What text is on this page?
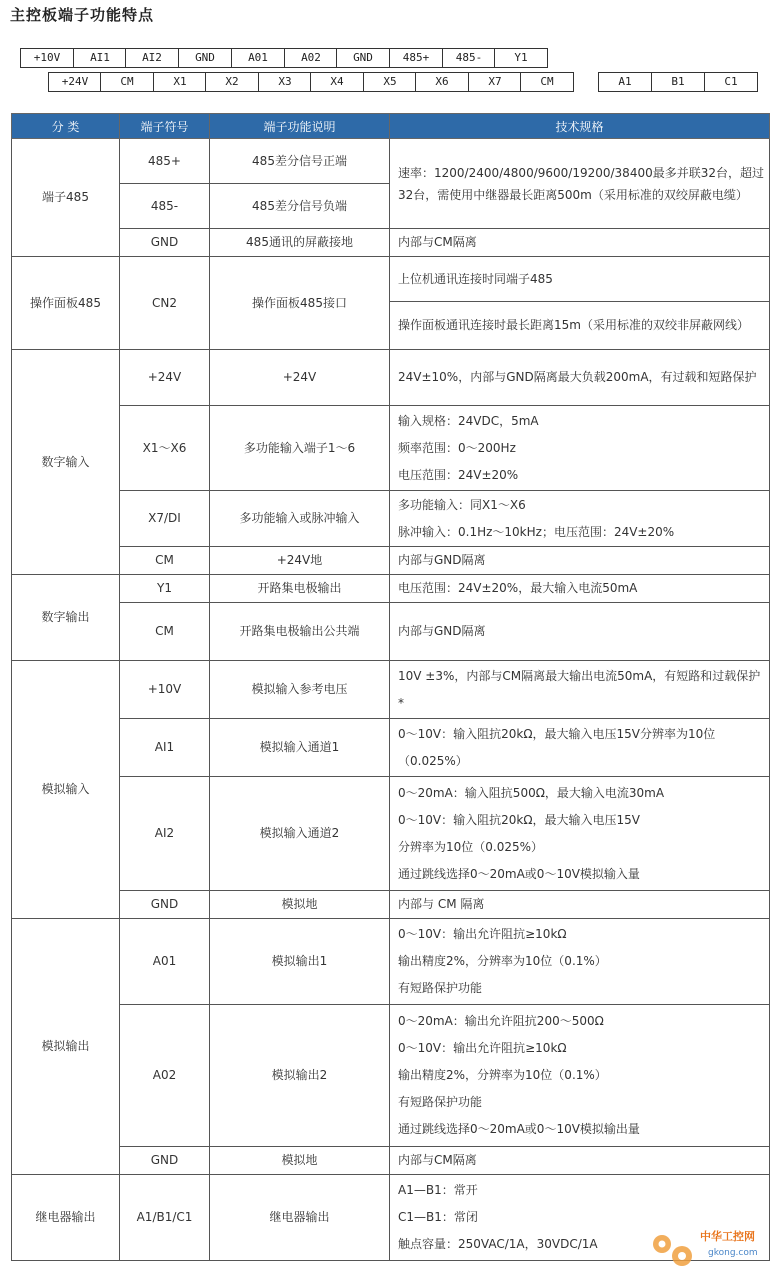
主控板端子功能特点
+10V	AI1	AI2	GND	A01	A02	GND	485+	485-	Y1
+24V	CM	X1	X2	X3	X4	X5	X6	X7	CM	A1	B1	C1
分 类	端子符号	端子功能说明	技术规格
端子485	485+	485差分信号正端	速率：1200/2400/4800/9600/19200/38400最多并联32台，超过32台，需使用中继器最长距离500m（采用标准的双绞屏蔽电缆）

	485-	485差分信号负端	
	GND	485通讯的屏蔽接地	内部与CM隔离

操作面板485	CN2	操作面板485接口	上位机通讯连接时同端子485

			操作面板通讯连接时最长距离15m（采用标准的双绞非屏蔽网线）

数字输入	+24V	+24V	24V±10%，内部与GND隔离最大负载200mA，有过载和短路保护

	X1～X6	多功能输入端子1～6	输入规格：24VDC，5mA
频率范围：0～200Hz
电压范围：24V±20%

	X7/DI	多功能输入或脉冲输入	多功能输入：同X1～X6
脉冲输入：0.1Hz～10kHz；电压范围：24V±20%

	CM	+24V地	内部与GND隔离

数字输出	Y1	开路集电极输出	电压范围：24V±20%，最大输入电流50mA

	CM	开路集电极输出公共端	内部与GND隔离

模拟输入	+10V	模拟输入参考电压	10V ±3%，内部与CM隔离最大输出电流50mA，有短路和过载保护 *

	AI1	模拟输入通道1	0～10V：输入阻抗20kΩ，最大输入电压15V分辨率为10位（0.025%）

	AI2	模拟输入通道2	0～20mA：输入阻抗500Ω，最大输入电流30mA
0～10V：输入阻抗20kΩ，最大输入电压15V
分辨率为10位（0.025%）
通过跳线选择0～20mA或0～10V模拟输入量

	GND	模拟地	内部与 CM 隔离

模拟输出	A01	模拟输出1	0～10V：输出允许阻抗≥10kΩ
输出精度2%，分辨率为10位（0.1%）
有短路保护功能

	A02	模拟输出2	0～20mA：输出允许阻抗200～500Ω
0～10V：输出允许阻抗≥10kΩ
输出精度2%，分辨率为10位（0.1%）
有短路保护功能
通过跳线选择0～20mA或0～10V模拟输出量

	GND	模拟地	内部与CM隔离

继电器输出	A1/B1/C1	继电器输出	A1—B1：常开
C1—B1：常闭
触点容量：250VAC/1A，30VDC/1A
中华工控网
gkong.com
